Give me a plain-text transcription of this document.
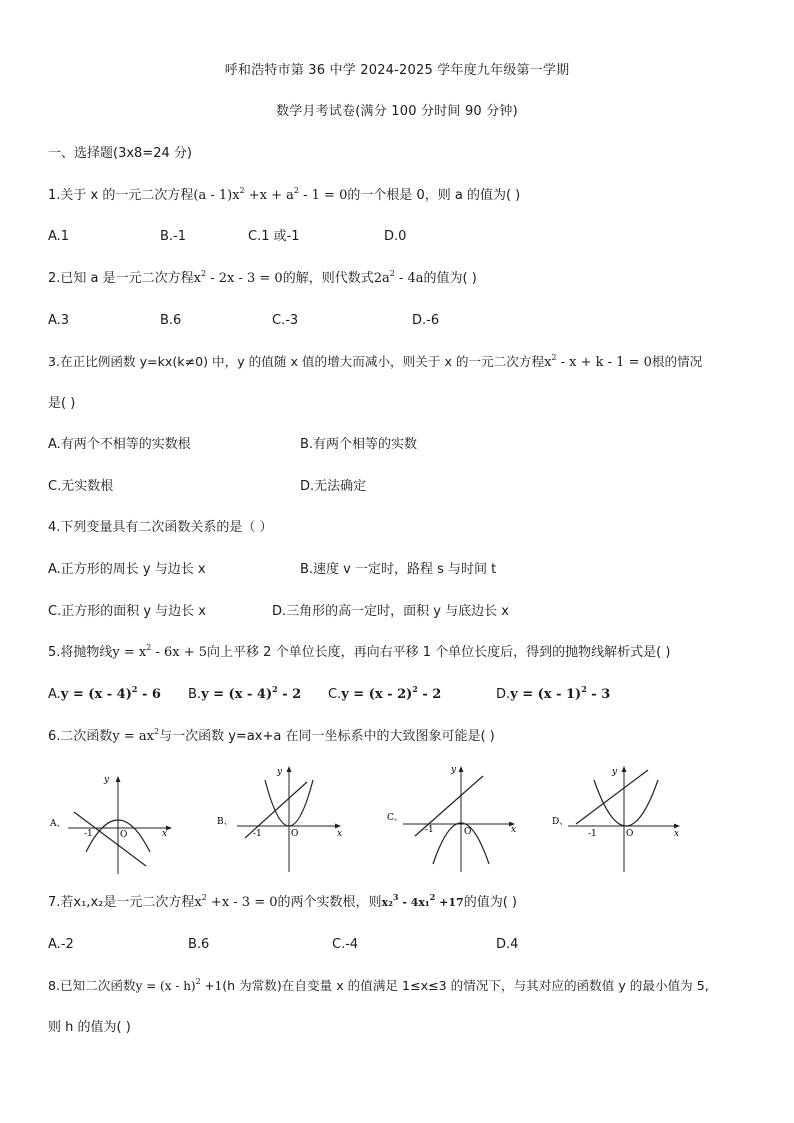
呼和浩特市第 36 中学 2024-2025 学年度九年级第一学期
数学月考试卷(满分 100 分时间 90 分钟)
一、选择题(3x8=24 分)
1.关于 x 的一元二次方程$(a - 1)x^2 +x + a^2 - 1 = 0$的一个根是 0，则 a 的值为( )
A.1	B.-1	C.1 或-1	D.0
2.已知 a 是一元二次方程$x^2 - 2x - 3 = 0$的解，则代数式$2a^2 - 4a$的值为( )
A.3	B.6	C.-3	D.-6
3.在正比例函数 y=kx(k≠0) 中，y 的值随 x 值的增大而减小，则关于 x 的一元二次方程$x^2 - x + k - 1 = 0$根的情况
是( )
A.有两个不相等的实数根	B.有两个相等的实数
C.无实数根	D.无法确定
4.下列变量具有二次函数关系的是（ ）
A.正方形的周长 y 与边长 x	B.速度 v 一定时，路程 s 与时间 t
C.正方形的面积 y 与边长 x	D.三角形的高一定时，面积 y 与底边长 x
5.将抛物线$y = x^2 - 6x + 5$向上平移 2 个单位长度，再向右平移 1 个单位长度后，得到的抛物线解析式是( )
A.y = (x - 4)$^2$ - 6 B.y = (x - 4)$^2$ - 2 C.y = (x - 2)$^2$ - 2	D.y = (x - 1)$^2$ - 3
6.二次函数$y = ax^2$与一次函数 y=ax+a 在同一坐标系中的大致图象可能是( )
A、
y
x
-1	O
B、
y
x
-1	O
C、
y
x
-1	O
D、
y
x
-1	O
7.若x₁,x₂是一元二次方程$x^2 +x - 3 = 0$的两个实数根，则x₂$^3$ - 4x₁$^2$ +17的值为( )
A.-2	B.6	C.-4	D.4
8.已知二次函数y = (x - h)$^2$ +1(h 为常数)在自变量 x 的值满足 1≤x≤3 的情况下，与其对应的函数值 y 的最小值为 5,
则 h 的值为( )
